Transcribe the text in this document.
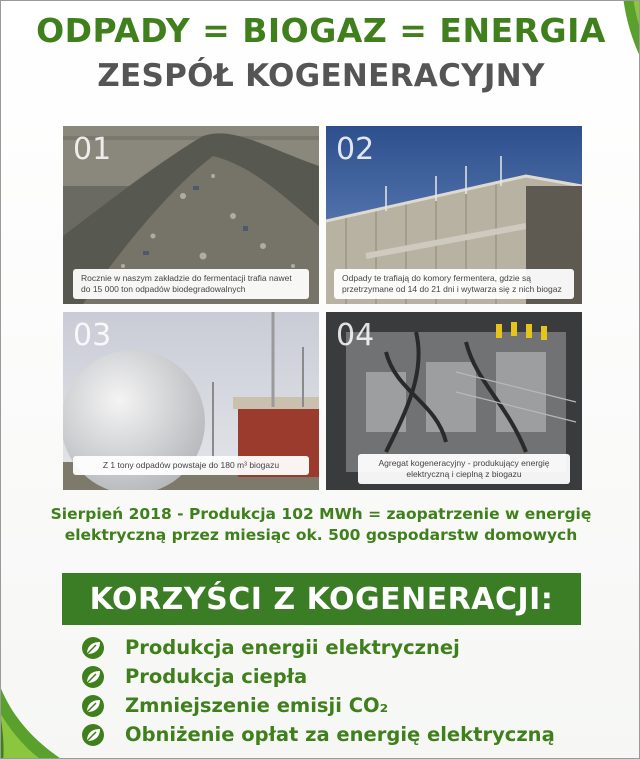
ODPADY = BIOGAZ = ENERGIA
ZESPÓŁ KOGENERACYJNY
01
Rocznie w naszym zakładzie do fermentacji trafia nawet do 15 000 ton odpadów biodegradowalnych
02
Odpady te trafiają do komory fermentera, gdzie są przetrzymane od 14 do 21 dni i wytwarza się z nich biogaz
03
Z 1 tony odpadów powstaje do 180 m³ biogazu
04
Agregat kogeneracyjny - produkujący energię elektryczną i cieplną z biogazu
Sierpień 2018 - Produkcja 102 MWh = zaopatrzenie w energię
elektryczną przez miesiąc ok. 500 gospodarstw domowych
KORZYŚCI Z KOGENERACJI:
Produkcja energii elektrycznej
Produkcja ciepła
Zmniejszenie emisji CO₂
Obniżenie opłat za energię elektryczną
